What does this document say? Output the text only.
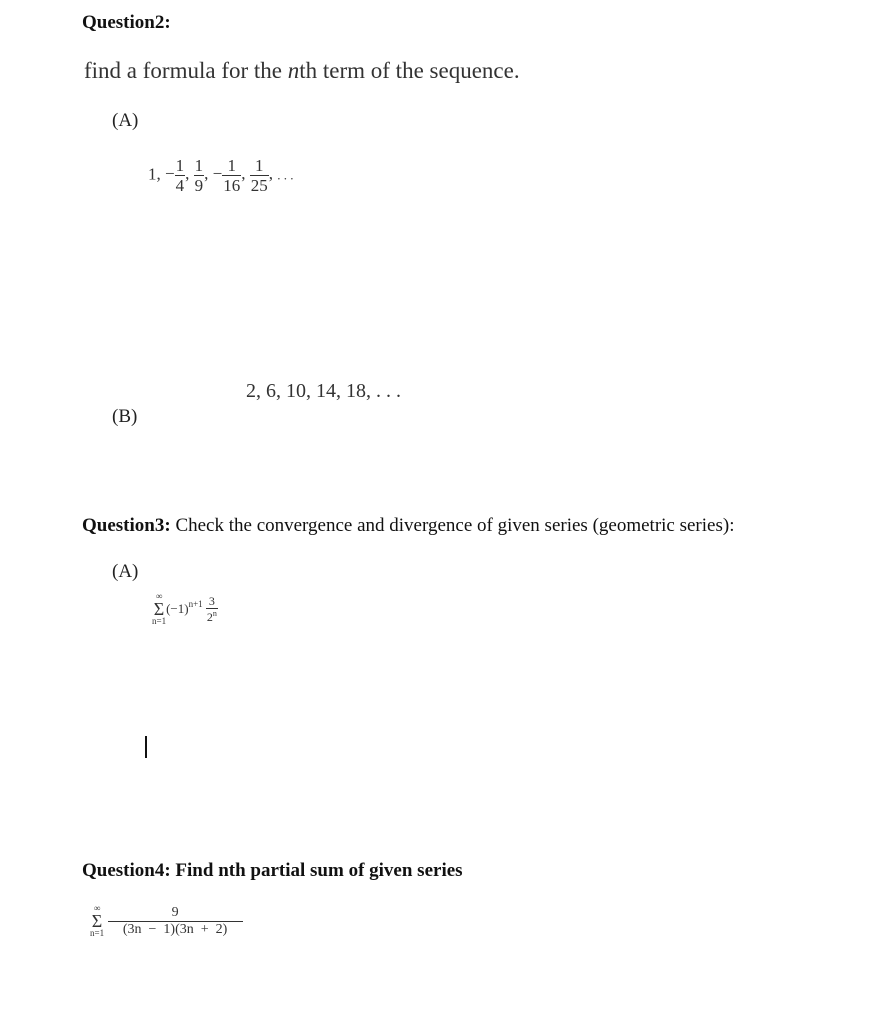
Question2:
find a formula for the nth term of the sequence.
(A)
1, − $\frac{1}{4}$ , $\frac{1}{9}$ , − $\frac{1}{16}$ , $\frac{1}{25}$ , . . .
2, 6, 10, 14, 18, . . .
(B)
Question3: Check the convergence and divergence of given series (geometric series):
(A)
∞
Σ
n=1
$(-1)^{n+1} \frac{3}{2^n}$
Question4: Find nth partial sum of given series
∞
Σ
n=1
$\frac{9}{(3n - 1)(3n + 2)}$
